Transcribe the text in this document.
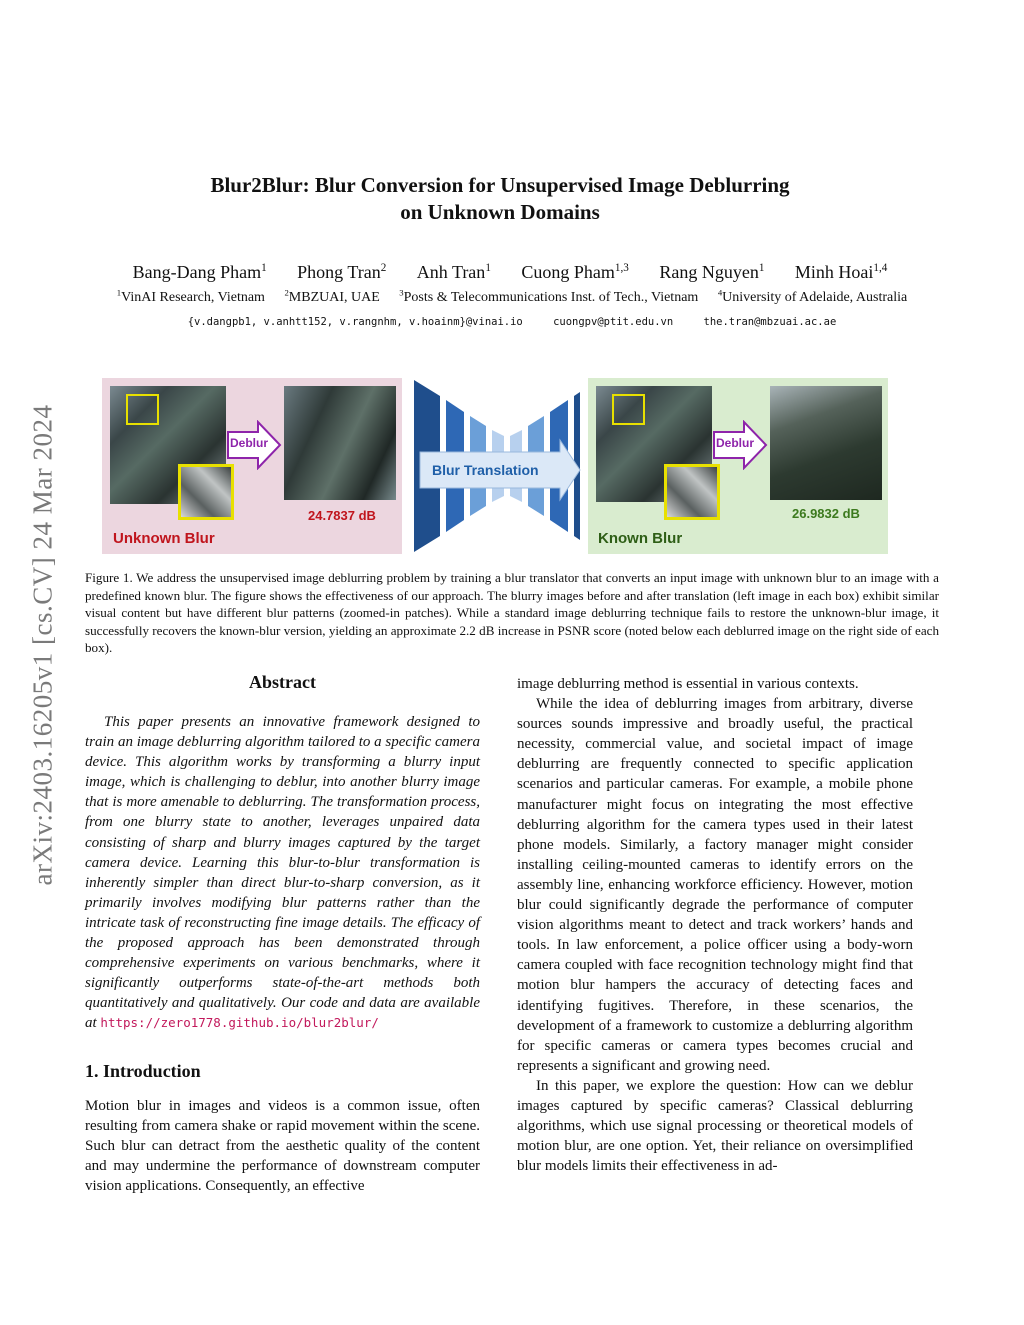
arXiv:2403.16205v1 [cs.CV] 24 Mar 2024
Blur2Blur: Blur Conversion for Unsupervised Image Deblurring
on Unknown Domains
Bang-Dang Pham$^1$ Phong Tran$^2$ Anh Tran$^1$ Cuong Pham$^{1,3}$ Rang Nguyen$^1$ Minh Hoai$^{1,4}$
$^1$VinAI Research, Vietnam $^2$MBZUAI, UAE $^3$Posts & Telecommunications Inst. of Tech., Vietnam $^4$University of Adelaide, Australia
{v.dangpb1, v.anhtt152, v.rangnhm, v.hoainm}@vinai.io	cuongpv@ptit.edu.vn	the.tran@mbzuai.ac.ae
Deblur
24.7837 dB
Unknown Blur
Blur Translation
Deblur
26.9832 dB
Known Blur
Figure 1. We address the unsupervised image deblurring problem by training a blur translator that converts an input image with unknown blur to an image with a predefined known blur. The figure shows the effectiveness of our approach. The blurry images before and after translation (left image in each box) exhibit similar visual content but have different blur patterns (zoomed-in patches). While a standard image deblurring technique fails to restore the unknown-blur image, it successfully recovers the known-blur version, yielding an approximate 2.2 dB increase in PSNR score (noted below each deblurred image on the right side of each box).
Abstract

This paper presents an innovative framework designed to train an image deblurring algorithm tailored to a specific camera device. This algorithm works by transforming a blurry input image, which is challenging to deblur, into another blurry image that is more amenable to deblurring. The transformation process, from one blurry state to another, leverages unpaired data consisting of sharp and blurry images captured by the target camera device. Learning this blur-to-blur transformation is inherently simpler than direct blur-to-sharp conversion, as it primarily involves modifying blur patterns rather than the intricate task of reconstructing fine image details. The efficacy of the proposed approach has been demonstrated through comprehensive experiments on various benchmarks, where it significantly outperforms state-of-the-art methods both quantitatively and qualitatively. Our code and data are available at https://zero1778.github.io/blur2blur/

1. Introduction

Motion blur in images and videos is a common issue, often resulting from camera shake or rapid movement within the scene. Such blur can detract from the aesthetic quality of the content and may undermine the performance of downstream computer vision applications. Consequently, an effective

image deblurring method is essential in various contexts.

While the idea of deblurring images from arbitrary, diverse sources sounds impressive and broadly useful, the practical necessity, commercial value, and societal impact of image deblurring are frequently connected to specific application scenarios and particular cameras. For example, a mobile phone manufacturer might focus on integrating the most effective deblurring algorithm for the camera types used in their latest phone models. Similarly, a factory manager might consider installing ceiling-mounted cameras to identify errors on the assembly line, enhancing workforce efficiency. However, motion blur could significantly degrade the performance of computer vision algorithms meant to detect and track workers’ hands and tools. In law enforcement, a police officer using a body-worn camera coupled with face recognition technology might find that motion blur hampers the accuracy of detecting faces and identifying fugitives. Therefore, in these scenarios, the development of a framework to customize a deblurring algorithm for specific cameras or camera types becomes crucial and represents a significant and growing need.

In this paper, we explore the question: How can we deblur images captured by specific cameras? Classical deblurring algorithms, which use signal processing or theoretical models of motion blur, are one option. Yet, their reliance on oversimplified blur models limits their effectiveness in ad-
